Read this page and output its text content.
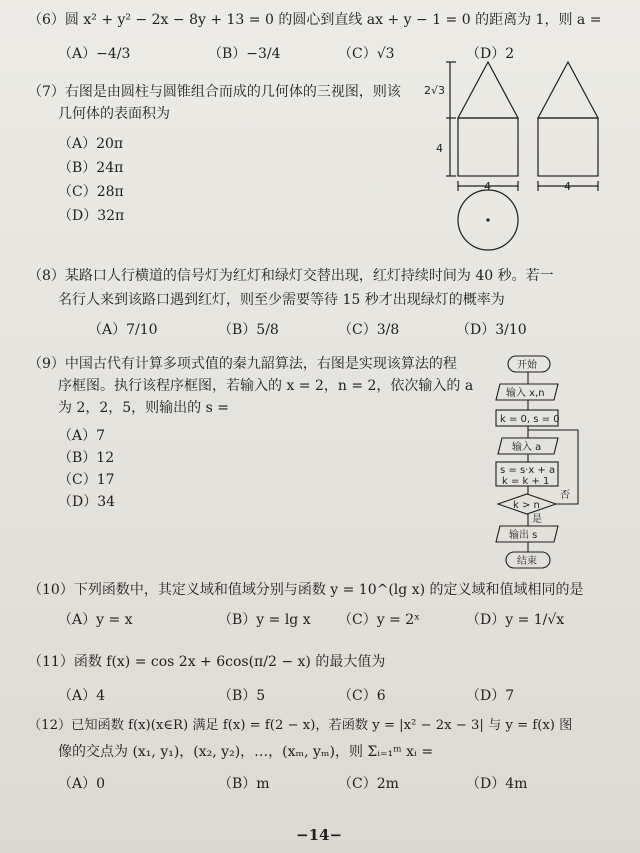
（6）圆 x² + y² − 2x − 8y + 13 = 0 的圆心到直线 ax + y − 1 = 0 的距离为 1，则 a =
（A）−4/3	（B）−3/4	（C）√3	（D）2
（7）右图是由圆柱与圆锥组合而成的几何体的三视图，则该
几何体的表面积为
（A）20π
（B）24π
（C）28π
（D）32π
2√3
4
4	4
（8）某路口人行横道的信号灯为红灯和绿灯交替出现，红灯持续时间为 40 秒。若一
名行人来到该路口遇到红灯，则至少需要等待 15 秒才出现绿灯的概率为
（A）7/10	（B）5/8	（C）3/8	（D）3/10
（9）中国古代有计算多项式值的秦九韶算法，右图是实现该算法的程
序框图。执行该程序框图，若输入的 x = 2，n = 2，依次输入的 a
为 2，2，5，则输出的 s =
（A）7
（B）12
（C）17
（D）34
开始
输入 x,n
k = 0, s = 0
输入 a
s = s·x + a
k = k + 1
k > n
否
是
输出 s
结束
（10）下列函数中，其定义域和值域分别与函数 y = 10^(lg x) 的定义域和值域相同的是
（A）y = x	（B）y = lg x （C）y = 2ˣ	（D）y = 1/√x
（11）函数 f(x) = cos 2x + 6cos(π/2 − x) 的最大值为
（A）4	（B）5	（C）6	（D）7
（12）已知函数 f(x)(x∈R) 满足 f(x) = f(2 − x)，若函数 y = |x² − 2x − 3| 与 y = f(x) 图
像的交点为 (x₁, y₁)，(x₂, y₂)，…，(xₘ, yₘ)，则 Σᵢ₌₁ᵐ xᵢ =
（A）0	（B）m	（C）2m	（D）4m
−14−
